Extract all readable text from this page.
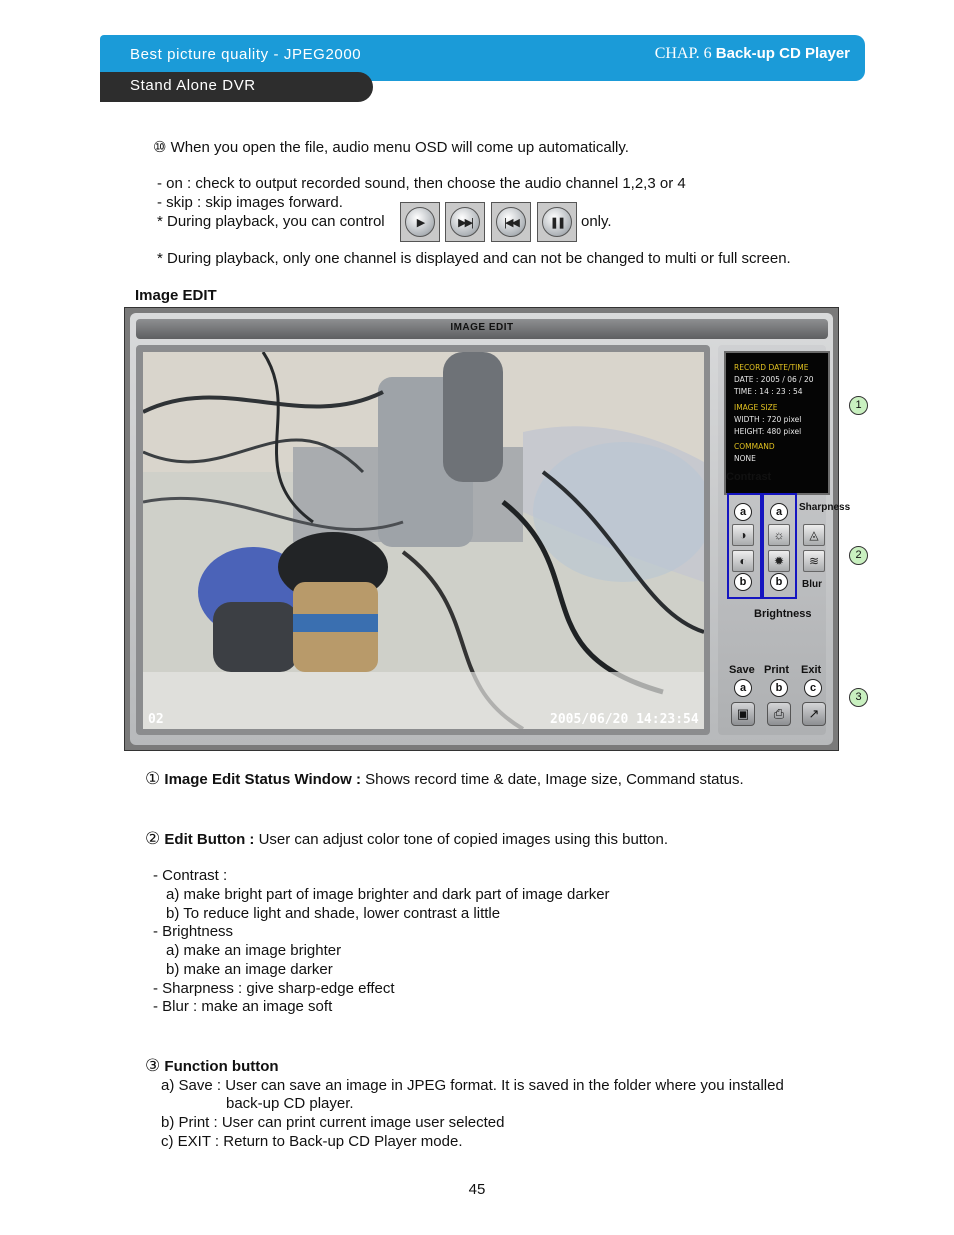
Best picture quality - JPEG2000	CHAP. 6 Back-up CD Player
Stand Alone DVR
⑩ When you open the file, audio menu OSD will come up automatically.
- on : check to output recorded sound, then choose the audio channel 1,2,3 or 4
- skip : skip images forward.
* During playback, you can control	▶	▶▶|	|◀◀	❚❚	only.
* During playback, only one channel is displayed and can not be changed to multi or full screen.
Image EDIT
IMAGE EDIT
02	2005/06/20 14:23:54
RECORD DATE/TIME
DATE : 2005 / 06 / 20
TIME : 14 : 23 : 54
IMAGE SIZE
WIDTH : 720 pixel
HEIGHT: 480 pixel
COMMAND
NONE
Contrast
Sharpness
a	a
◑	☼	◬
◐	✹	≋
b	b	Blur
Brightness
Save Print Exit
a	b	c
▣	⎙	↗
1
2
3
① Image Edit Status Window : Shows record time & date, Image size, Command status.
② Edit Button : User can adjust color tone of copied images using this button.
- Contrast :
a) make bright part of image brighter and dark part of image darker
b) To reduce light and shade, lower contrast a little
- Brightness
a) make an image brighter
b) make an image darker
- Sharpness : give sharp-edge effect
- Blur : make an image soft
③ Function button
a) Save : User can save an image in JPEG format. It is saved in the folder where you installed
back-up CD player.
b) Print : User can print current image user selected
c) EXIT : Return to Back-up CD Player mode.
45
